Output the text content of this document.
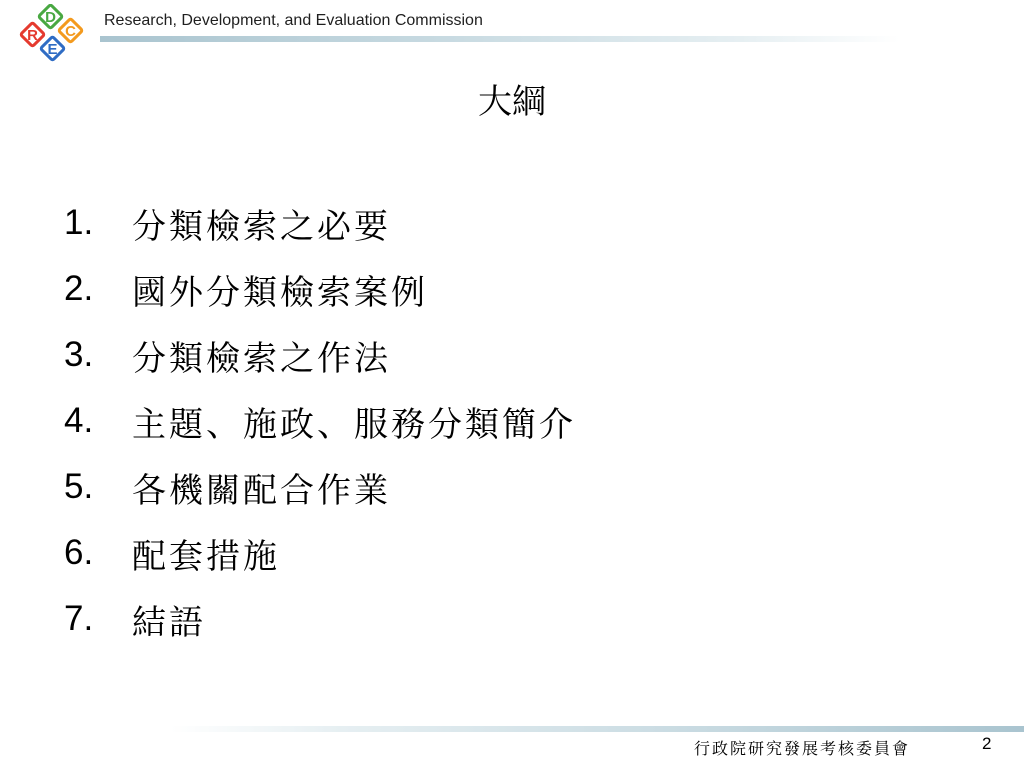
R
D
E
C
Research, Development, and Evaluation Commission
大綱
1.	分類檢索之必要
2.	國外分類檢索案例
3.	分類檢索之作法
4.	主題、施政、服務分類簡介
5.	各機關配合作業
6.	配套措施
7.	結語
行政院研究發展考核委員會	2
